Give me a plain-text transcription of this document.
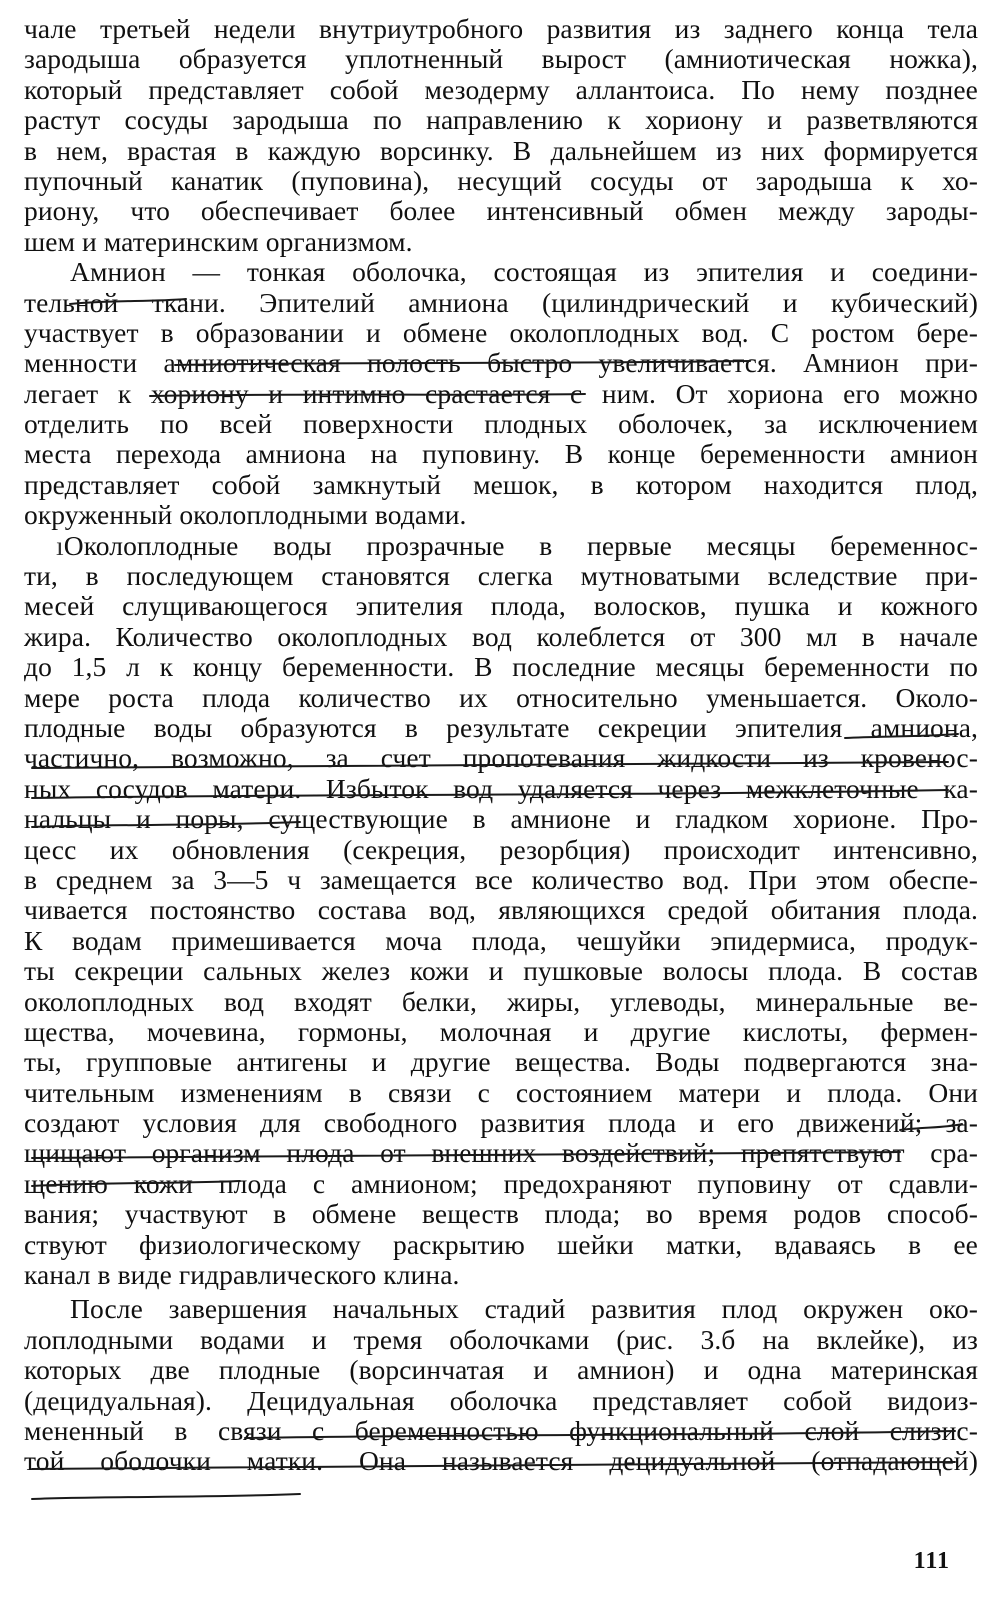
чале третьей недели внутриутробного развития из заднего конца тела
зародыша образуется уплотненный вырост (амниотическая ножка),
который представляет собой мезодерму аллантоиса. По нему позднее
растут сосуды зародыша по направлению к хориону и разветвляются
в нем, врастая в каждую ворсинку. В дальнейшем из них формируется
пупочный канатик (пуповина), несущий сосуды от зародыша к хо-
риону, что обеспечивает более интенсивный обмен между зароды-
шем и материнским организмом.
Амнион — тонкая оболочка, состоящая из эпителия и соедини-
тельной ткани. Эпителий амниона (цилиндрический и кубический)
участвует в образовании и обмене околоплодных вод. С ростом бере-
менности амниотическая полость быстро увеличивается. Амнион при-
легает к хориону и интимно срастается с ним. От хориона его можно
отделить по всей поверхности плодных оболочек, за исключением
места перехода амниона на пуповину. В конце беременности амнион
представляет собой замкнутый мешок, в котором находится плод,
окруженный околоплодными водами.
ıОколоплодные воды прозрачные в первые месяцы беременнос-
ти, в последующем становятся слегка мутноватыми вследствие при-
месей слущивающегося эпителия плода, волосков, пушка и кожного
жира. Количество околоплодных вод колеблется от 300 мл в начале
до 1,5 л к концу беременности. В последние месяцы беременности по
мере роста плода количество их относительно уменьшается. Около-
плодные воды образуются в результате секреции эпителия амниона,
частично, возможно, за счет пропотевания жидкости из кровенос-
ных сосудов матери. Избыток вод удаляется через межклеточные ка-
нальцы и поры, существующие в амнионе и гладком хорионе. Про-
цесс их обновления (секреция, резорбция) происходит интенсивно,
в среднем за 3—5 ч замещается все количество вод. При этом обеспе-
чивается постоянство состава вод, являющихся средой обитания плода.
К водам примешивается моча плода, чешуйки эпидермиса, продук-
ты секреции сальных желез кожи и пушковые волосы плода. В состав
околоплодных вод входят белки, жиры, углеводы, минеральные ве-
щества, мочевина, гормоны, молочная и другие кислоты, фермен-
ты, групповые антигены и другие вещества. Воды подвергаются зна-
чительным изменениям в связи с состоянием матери и плода. Они
создают условия для свободного развития плода и его движений; за-
щищают организм плода от внешних воздействий; препятствуют сра-
щению кожи плода с амнионом; предохраняют пуповину от сдавли-
вания; участвуют в обмене веществ плода; во время родов способ-
ствуют физиологическому раскрытию шейки матки, вдаваясь в ее
канал в виде гидравлического клина.
После завершения начальных стадий развития плод окружен око-
лоплодными водами и тремя оболочками (рис. 3.б на вклейке), из
которых две плодные (ворсинчатая и амнион) и одна материнская
(децидуальная). Децидуальная оболочка представляет собой видоиз-
мененный в связи с беременностью функциональный слой слизис-
той оболочки матки. Она называется децидуальной (отпадающей)
111
